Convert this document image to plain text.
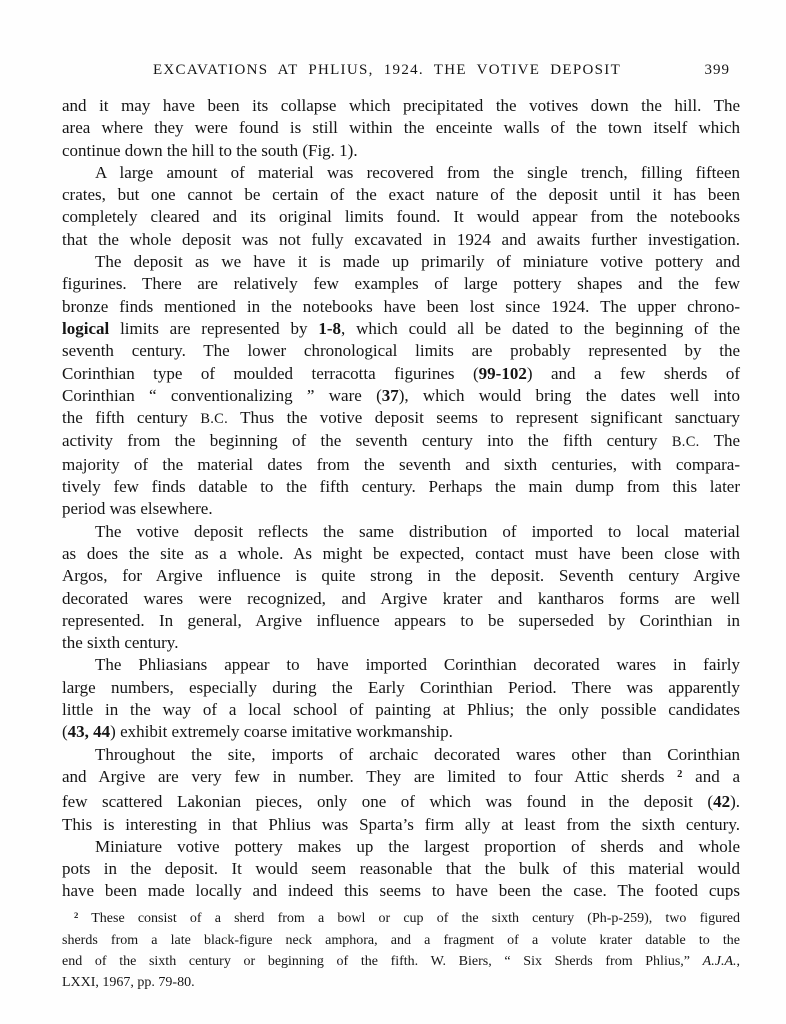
EXCAVATIONS AT PHLIUS, 1924. THE VOTIVE DEPOSIT	399
and it may have been its collapse which precipitated the votives down the hill. The
area where they were found is still within the enceinte walls of the town itself which
continue down the hill to the south (Fig. 1).
A large amount of material was recovered from the single trench, filling fifteen
crates, but one cannot be certain of the exact nature of the deposit until it has been
completely cleared and its original limits found. It would appear from the notebooks
that the whole deposit was not fully excavated in 1924 and awaits further investigation.
The deposit as we have it is made up primarily of miniature votive pottery and
figurines. There are relatively few examples of large pottery shapes and the few
bronze finds mentioned in the notebooks have been lost since 1924. The upper chrono-
logical limits are represented by 1-8, which could all be dated to the beginning of the
seventh century. The lower chronological limits are probably represented by the
Corinthian type of moulded terracotta figurines (99-102) and a few sherds of
Corinthian “ conventionalizing ” ware (37), which would bring the dates well into
the fifth century B.C. Thus the votive deposit seems to represent significant sanctuary
activity from the beginning of the seventh century into the fifth century B.C. The
majority of the material dates from the seventh and sixth centuries, with compara-
tively few finds datable to the fifth century. Perhaps the main dump from this later
period was elsewhere.
The votive deposit reflects the same distribution of imported to local material
as does the site as a whole. As might be expected, contact must have been close with
Argos, for Argive influence is quite strong in the deposit. Seventh century Argive
decorated wares were recognized, and Argive krater and kantharos forms are well
represented. In general, Argive influence appears to be superseded by Corinthian in
the sixth century.
The Phliasians appear to have imported Corinthian decorated wares in fairly
large numbers, especially during the Early Corinthian Period. There was apparently
little in the way of a local school of painting at Phlius; the only possible candidates
(43, 44) exhibit extremely coarse imitative workmanship.
Throughout the site, imports of archaic decorated wares other than Corinthian
and Argive are very few in number. They are limited to four Attic sherds $^2$ and a
few scattered Lakonian pieces, only one of which was found in the deposit (42).
This is interesting in that Phlius was Sparta’s firm ally at least from the sixth century.
Miniature votive pottery makes up the largest proportion of sherds and whole
pots in the deposit. It would seem reasonable that the bulk of this material would
have been made locally and indeed this seems to have been the case. The footed cups
$^2$ These consist of a sherd from a bowl or cup of the sixth century (Ph-p-259), two figured
sherds from a late black-figure neck amphora, and a fragment of a volute krater datable to the
end of the sixth century or beginning of the fifth. W. Biers, “ Six Sherds from Phlius,” A.J.A.,
LXXI, 1967, pp. 79-80.
